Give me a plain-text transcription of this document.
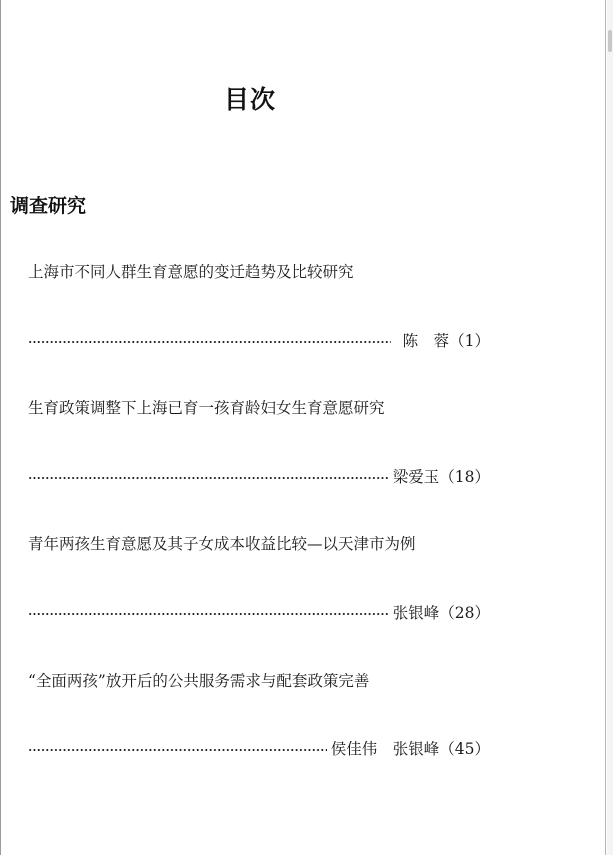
目次
调查研究
上海市不同人群生育意愿的变迁趋势及比较研究
陈　蓉 （1）
生育政策调整下上海已育一孩育龄妇女生育意愿研究
梁爱玉 （18）
青年两孩生育意愿及其子女成本收益比较—以天津市为例
张银峰 （28）
“全面两孩”放开后的公共服务需求与配套政策完善
侯佳伟　张银峰 （45）
